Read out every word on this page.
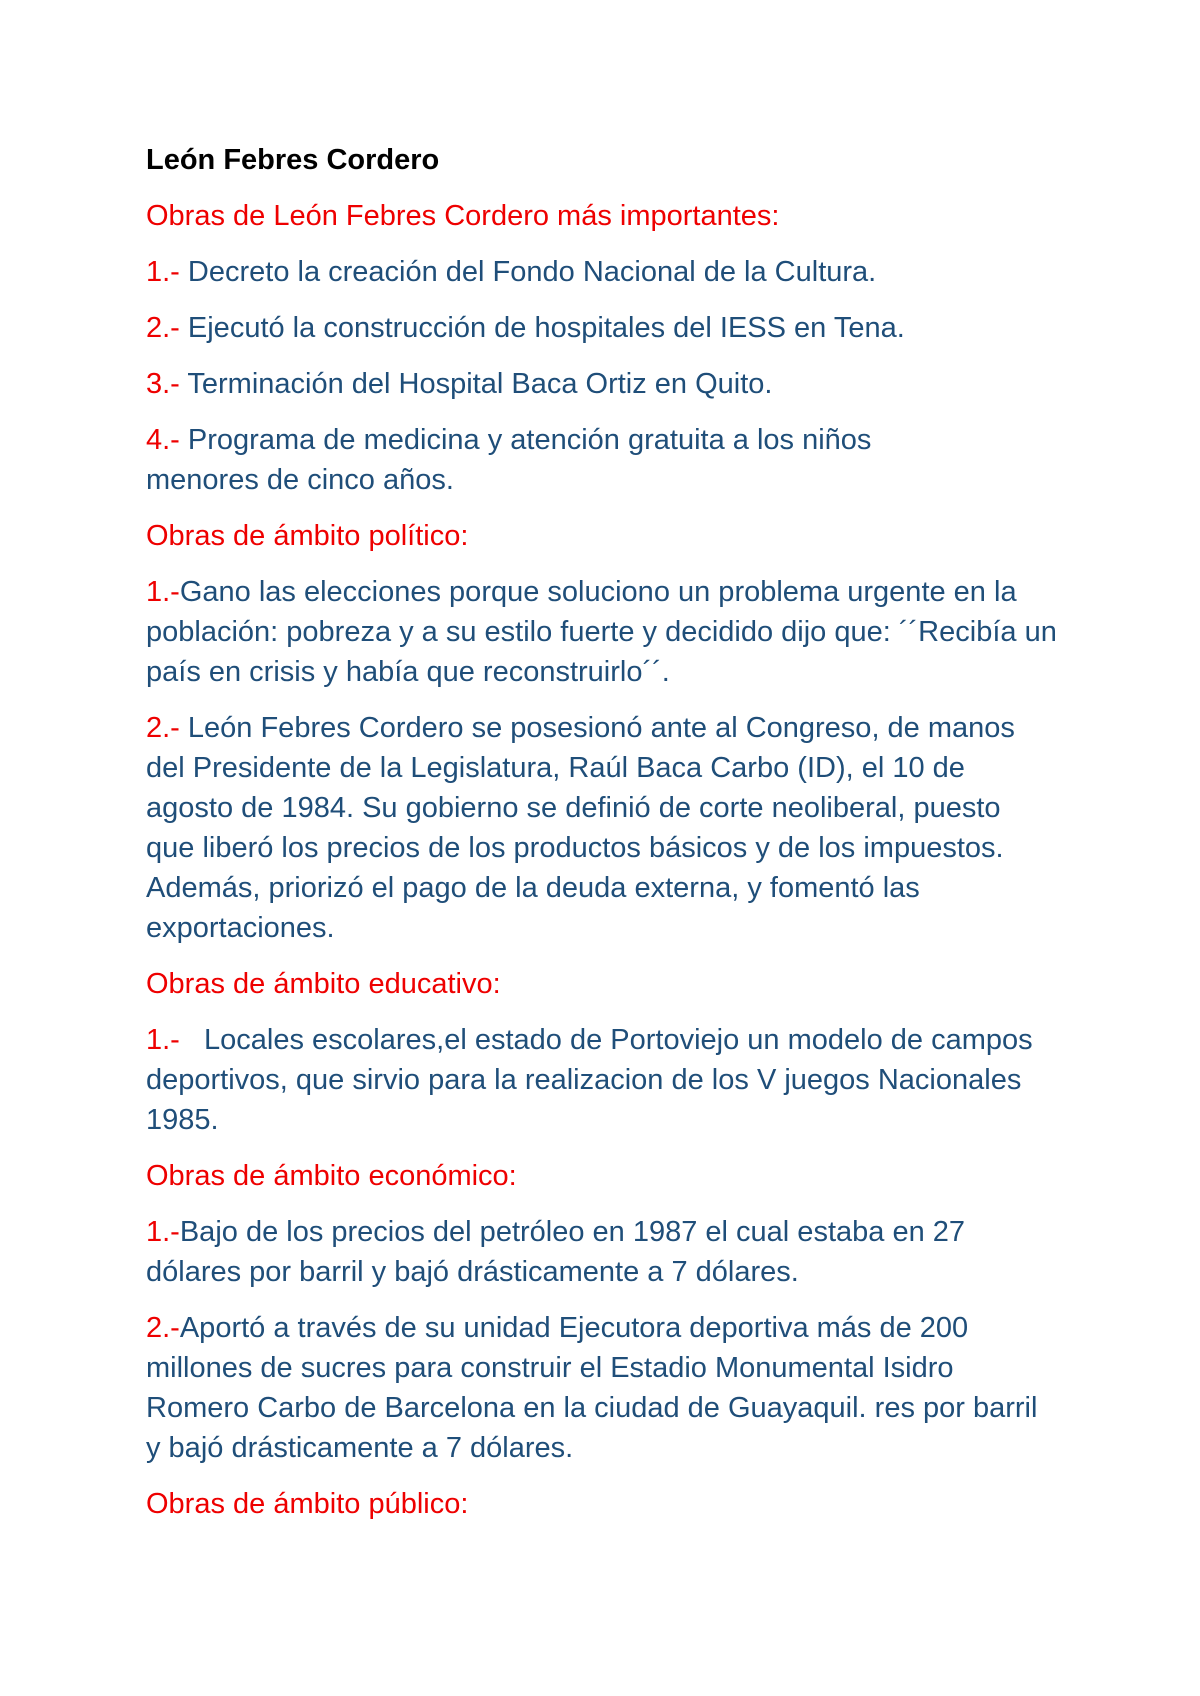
León Febres Cordero
Obras de León Febres Cordero más importantes:
1.- Decreto la creación del Fondo Nacional de la Cultura.
2.- Ejecutó la construcción de hospitales del IESS en Tena.
3.- Terminación del Hospital Baca Ortiz en Quito.
4.- Programa de medicina y atención gratuita a los niños menores de cinco años.
Obras de ámbito político:
1.-Gano las elecciones porque soluciono un problema urgente en la población: pobreza y a su estilo fuerte y decidido dijo que: ´´Recibía un país en crisis y había que reconstruirlo´´.
2.- León Febres Cordero se posesionó ante al Congreso, de manos del Presidente de la Legislatura, Raúl Baca Carbo (ID), el 10 de agosto de 1984. Su gobierno se definió de corte neoliberal, puesto que liberó los precios de los productos básicos y de los impuestos. Además, priorizó el pago de la deuda externa, y fomentó las exportaciones.
Obras de ámbito educativo:
1.-   Locales escolares,el estado de Portoviejo un modelo de campos deportivos, que sirvio para la realizacion de los V juegos Nacionales 1985.
Obras de ámbito económico:
1.-Bajo de los precios del petróleo en 1987 el cual estaba en 27 dólares por barril y bajó drásticamente a 7 dólares.
2.-Aportó a través de su unidad Ejecutora deportiva más de 200 millones de sucres para construir el Estadio Monumental Isidro Romero Carbo de Barcelona en la ciudad de Guayaquil. res por barril y bajó drásticamente a 7 dólares.
Obras de ámbito público:
